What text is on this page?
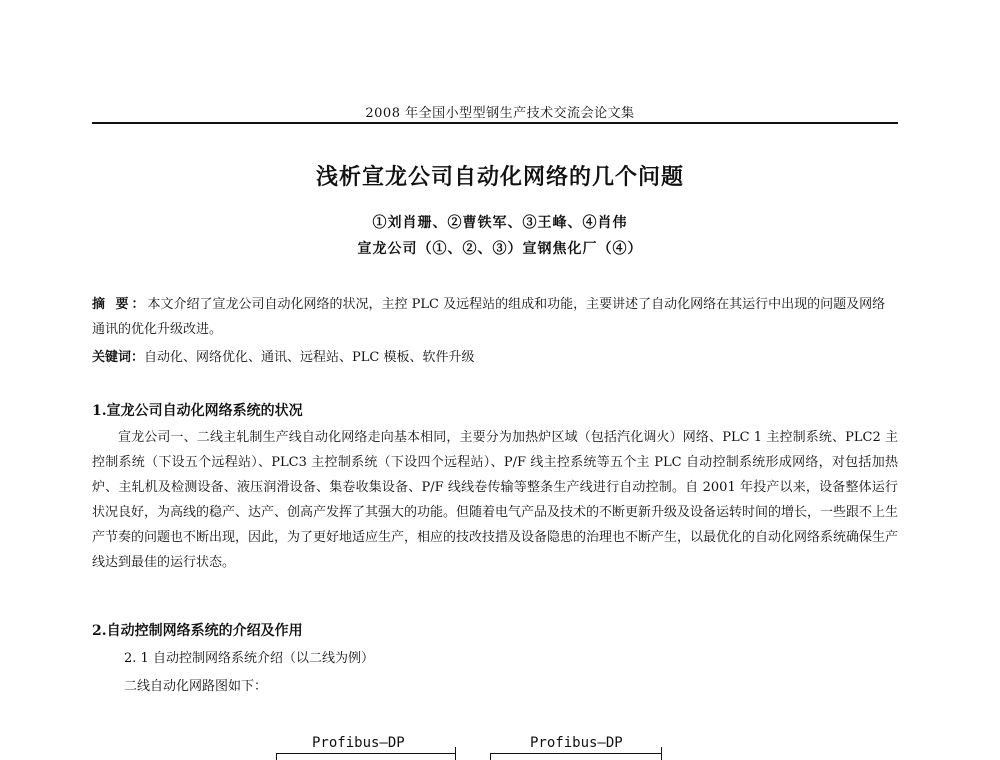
2008 年全国小型型钢生产技术交流会论文集
浅析宣龙公司自动化网络的几个问题
①刘肖珊、②曹铁军、③王峰、④肖伟
宣龙公司（①、②、③）宣钢焦化厂（④）
摘 要：本文介绍了宣龙公司自动化网络的状况，主控 PLC 及远程站的组成和功能，主要讲述了自动化网络在其运行中出现的问题及网络通讯的优化升级改进。
关键词：自动化、网络优化、通讯、远程站、PLC 模板、软件升级
1.宣龙公司自动化网络系统的状况
宣龙公司一、二线主轧制生产线自动化网络走向基本相同，主要分为加热炉区域（包括汽化调火）网络、PLC 1 主控制系统、PLC2 主控制系统（下设五个远程站）、PLC3 主控制系统（下设四个远程站）、P/F 线主控系统等五个主 PLC 自动控制系统形成网络，对包括加热炉、主轧机及检测设备、液压润滑设备、集卷收集设备、P/F 线线卷传输等整条生产线进行自动控制。自 2001 年投产以来，设备整体运行状况良好，为高线的稳产、达产、创高产发挥了其强大的功能。但随着电气产品及技术的不断更新升级及设备运转时间的增长，一些跟不上生产节奏的问题也不断出现，因此，为了更好地适应生产，相应的技改技措及设备隐患的治理也不断产生，以最优化的自动化网络系统确保生产线达到最佳的运行状态。
2.自动控制网络系统的介绍及作用
2. 1 自动控制网络系统介绍（以二线为例）
二线自动化网路图如下：
Profibus—DP	Profibus—DP
